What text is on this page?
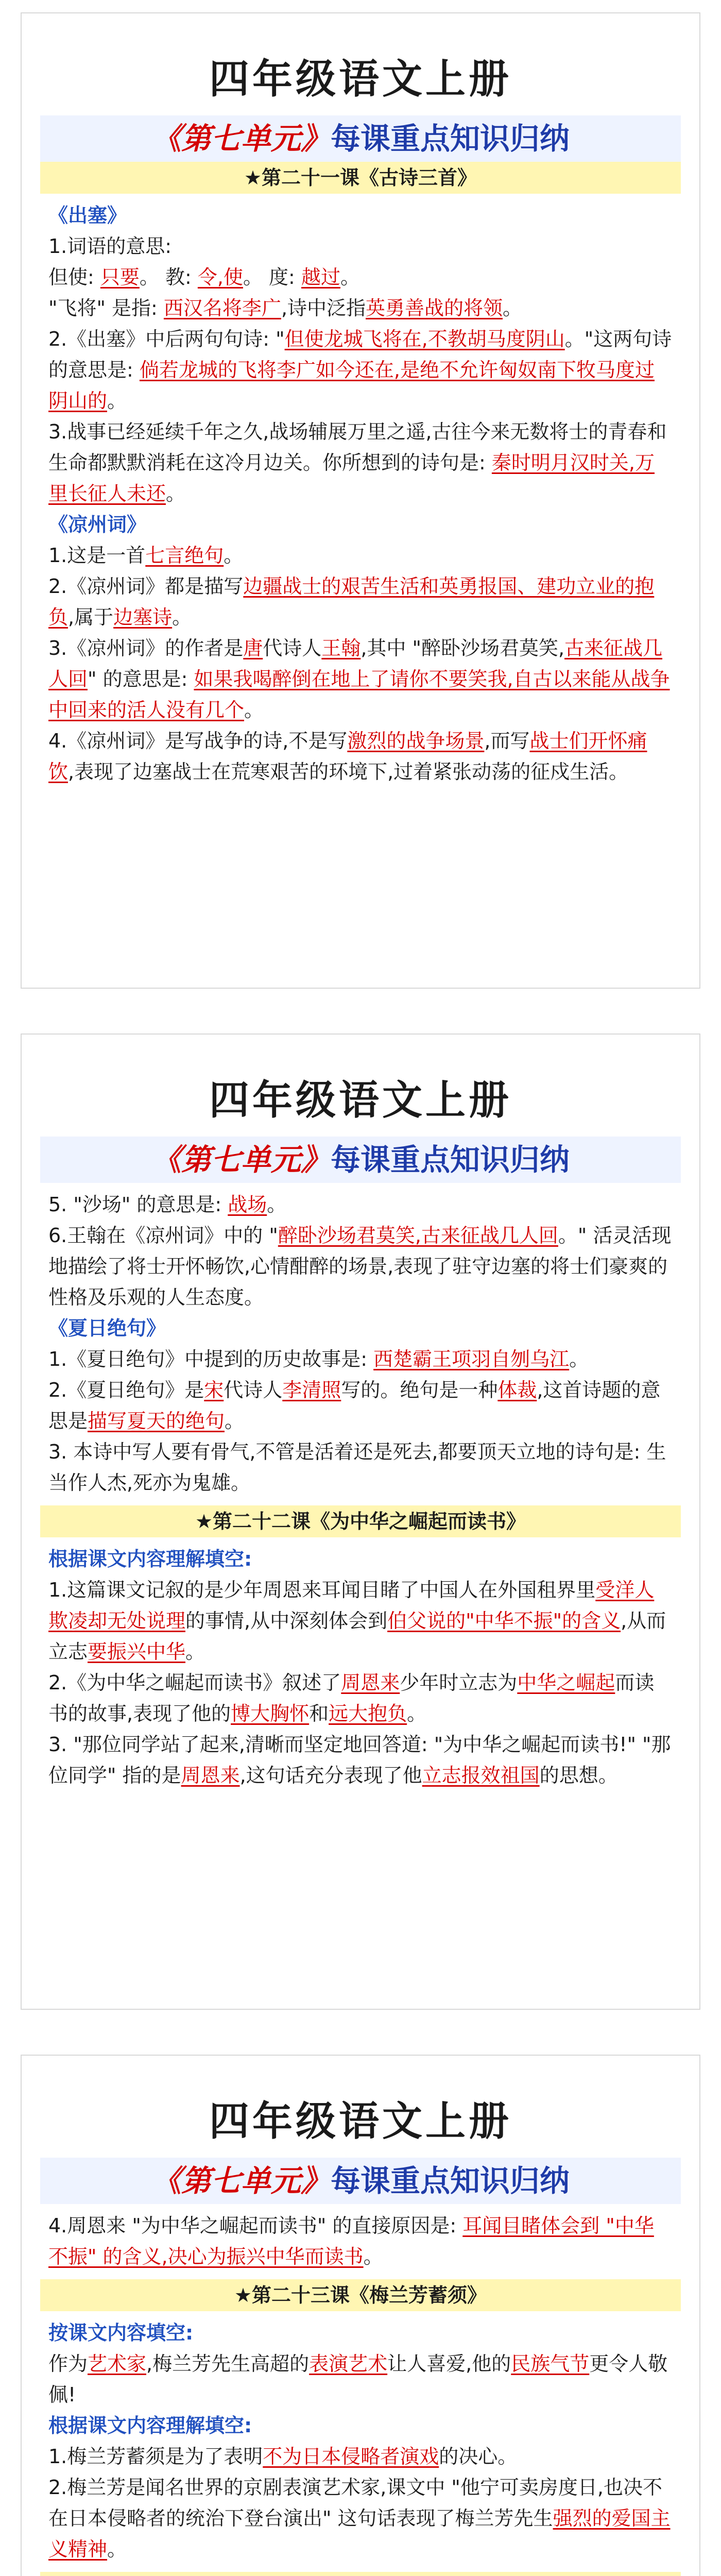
四年级语文上册
《第七单元》每课重点知识归纳
★第二十一课《古诗三首》

《出塞》

1.词语的意思:

但使: 只要。 教: 令,使。 度: 越过。

"飞将" 是指: 西汉名将李广,诗中泛指英勇善战的将领。

2.《出塞》中后两句句诗: "但使龙城飞将在,不教胡马度阴山。"这两句诗的意思是: 倘若龙城的飞将李广如今还在,是绝不允许匈奴南下牧马度过阴山的。

3.战事已经延续千年之久,战场辅展万里之遥,古往今来无数将士的青春和生命都默默消耗在这冷月边关。你所想到的诗句是: 秦时明月汉时关,万里长征人未还。

《凉州词》

1.这是一首七言绝句。

2.《凉州词》都是描写边疆战士的艰苦生活和英勇报国、建功立业的抱负,属于边塞诗。

3.《凉州词》的作者是唐代诗人王翰,其中 "醉卧沙场君莫笑,古来征战几人回" 的意思是: 如果我喝醉倒在地上了请你不要笑我,自古以来能从战争中回来的活人没有几个。

4.《凉州词》是写战争的诗,不是写激烈的战争场景,而写战士们开怀痛饮,表现了边塞战士在荒寒艰苦的环境下,过着紧张动荡的征戍生活。

四年级语文上册
《第七单元》每课重点知识归纳

5. "沙场" 的意思是: 战场。

6.王翰在《凉州词》中的 "醉卧沙场君莫笑,古来征战几人回。" 活灵活现地描绘了将士开怀畅饮,心情酣醉的场景,表现了驻守边塞的将士们豪爽的性格及乐观的人生态度。

《夏日绝句》

1.《夏日绝句》中提到的历史故事是: 西楚霸王项羽自刎乌江。

2.《夏日绝句》是宋代诗人李清照写的。绝句是一种体裁,这首诗题的意思是描写夏天的绝句。

3. 本诗中写人要有骨气,不管是活着还是死去,都要顶天立地的诗句是: 生当作人杰,死亦为鬼雄。

★第二十二课《为中华之崛起而读书》

根据课文内容理解填空:

1.这篇课文记叙的是少年周恩来耳闻目睹了中国人在外国租界里受洋人欺凌却无处说理的事情,从中深刻体会到伯父说的"中华不振"的含义,从而立志要振兴中华。

2.《为中华之崛起而读书》叙述了周恩来少年时立志为中华之崛起而读书的故事,表现了他的博大胸怀和远大抱负。

3. "那位同学站了起来,清晰而坚定地回答道: "为中华之崛起而读书!" "那位同学" 指的是周恩来,这句话充分表现了他立志报效祖国的思想。

四年级语文上册
《第七单元》每课重点知识归纳

4.周恩来 "为中华之崛起而读书" 的直接原因是: 耳闻目睹体会到 "中华不振" 的含义,决心为振兴中华而读书。

★第二十三课《梅兰芳蓄须》

按课文内容填空:

作为艺术家,梅兰芳先生高超的表演艺术让人喜爱,他的民族气节更令人敬佩!

根据课文内容理解填空:

1.梅兰芳蓄须是为了表明不为日本侵略者演戏的决心。

2.梅兰芳是闻名世界的京剧表演艺术家,课文中 "他宁可卖房度日,也决不在日本侵略者的统治下登台演出" 这句话表现了梅兰芳先生强烈的爱国主义精神。
